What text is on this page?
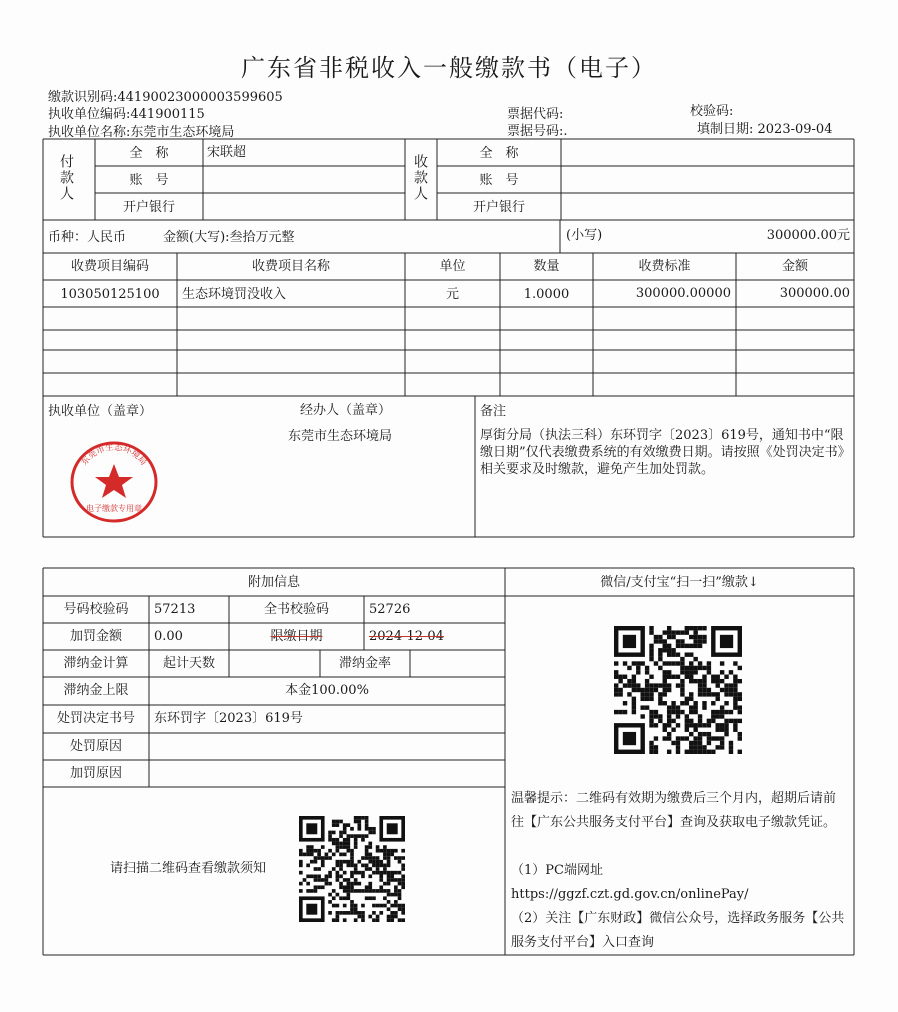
广东省非税收入一般缴款书（电子）
缴款识别码:4419002300000359960​5
执收单位编码:441900115
执收单位名称:东莞市生态环境局
票据代码:	校验码:
票据号码:.	填制日期: 2023-09-04
付款人
全　称	宋联超
账　号
开户银行
收款人
全　称
账　号
开户银行
币种：人民币	金额(大写):叁拾万元整	(小写)	300000.00元
收费项目编码	收费项目名称	单位	数量	收费标准	金额
103050125100	生态环境罚没收入	元	1.0000	300000.00000	300000.00
执收单位（盖章）	经办人（盖章）
东莞市生态环境局
东莞市生态环境局
电子缴款专用章
备注
厚街分局（执法三科）东环罚字〔2023〕619号，通知书中“限缴日期”仅代表缴费系统的有效缴费日期。请按照《处罚决定书》相关要求及时缴款，避免产生加处罚款。
附加信息
号码校验码	57213	全书校验码	52726
加罚金额	0.00	限缴日期	2024-12-04
滞纳金计算	起计天数	滞纳金率
滞纳金上限	本金100.00%
处罚决定书号	东环罚字〔2023〕619号
处罚原因
加罚原因
请扫描二维码查看缴款须知
微信/支付宝“扫一扫”缴款↓
温馨提示：二维码有效期为缴费后三个月内，超期后请前往【广东公共服务支付平台】查询及获取电子缴款凭证。
（1）PC端网址
https://ggzf.czt.gd.gov.cn/onlinePay/
（2）关注【广东财政】微信公众号，选择政务服务【公共服务支付平台】入口查询
